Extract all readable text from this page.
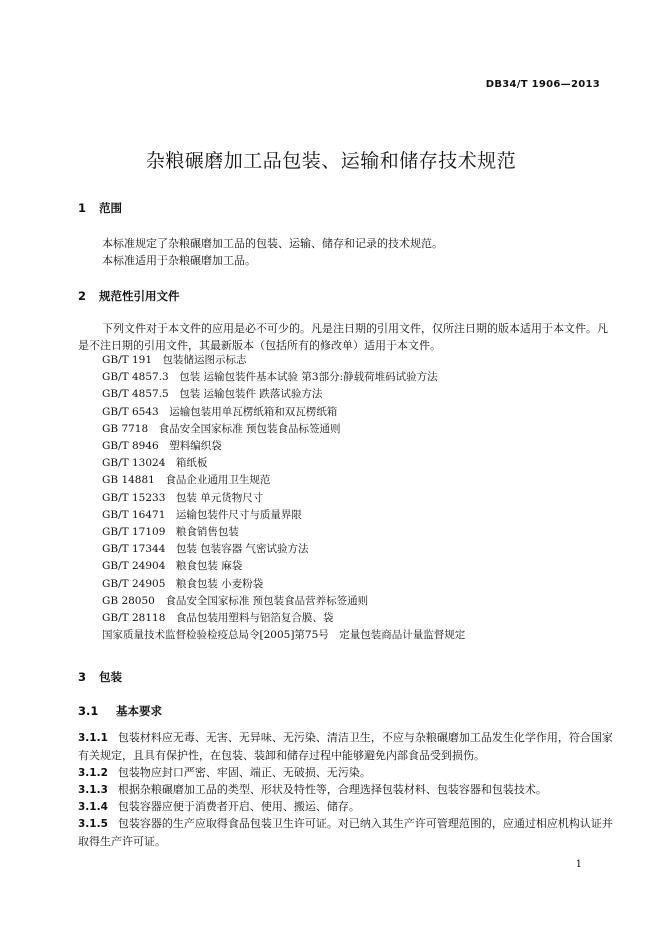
DB34/T 1906—2013
杂粮碾磨加工品包装、运输和储存技术规范
1 范围
本标准规定了杂粮碾磨加工品的包装、运输、储存和记录的技术规范。
本标准适用于杂粮碾磨加工品。
2 规范性引用文件
下列文件对于本文件的应用是必不可少的。凡是注日期的引用文件，仅所注日期的版本适用于本文件。凡是不注日期的引用文件，其最新版本（包括所有的修改单）适用于本文件。
GB/T 191　包装储运图示标志
GB/T 4857.3　包装 运输包装件基本试验 第3部分:静载荷堆码试验方法
GB/T 4857.5　包装 运输包装件 跌落试验方法
GB/T 6543　运输包装用单瓦楞纸箱和双瓦楞纸箱
GB 7718　食品安全国家标准 预包装食品标签通则
GB/T 8946　塑料编织袋
GB/T 13024　箱纸板
GB 14881　食品企业通用卫生规范
GB/T 15233　包装 单元货物尺寸
GB/T 16471　运输包装件尺寸与质量界限
GB/T 17109　粮食销售包装
GB/T 17344　包装 包装容器 气密试验方法
GB/T 24904　粮食包装 麻袋
GB/T 24905　粮食包装 小麦粉袋
GB 28050　食品安全国家标准 预包装食品营养标签通则
GB/T 28118　食品包装用塑料与铝箔复合膜、袋
国家质量技术监督检验检疫总局令[2005]第75号　定量包装商品计量监督规定
3 包装
3.1 基本要求
3.1.1 包装材料应无毒、无害、无异味、无污染、清洁卫生，不应与杂粮碾磨加工品发生化学作用，符合国家有关规定，且具有保护性，在包装、装卸和储存过程中能够避免内部食品受到损伤。
3.1.2 包装物应封口严密、牢固、端正、无破损、无污染。
3.1.3 根据杂粮碾磨加工品的类型、形状及特性等，合理选择包装材料、包装容器和包装技术。
3.1.4 包装容器应便于消费者开启、使用、搬运、储存。
3.1.5 包装容器的生产应取得食品包装卫生许可证。对已纳入其生产许可管理范围的，应通过相应机构认证并取得生产许可证。
1
